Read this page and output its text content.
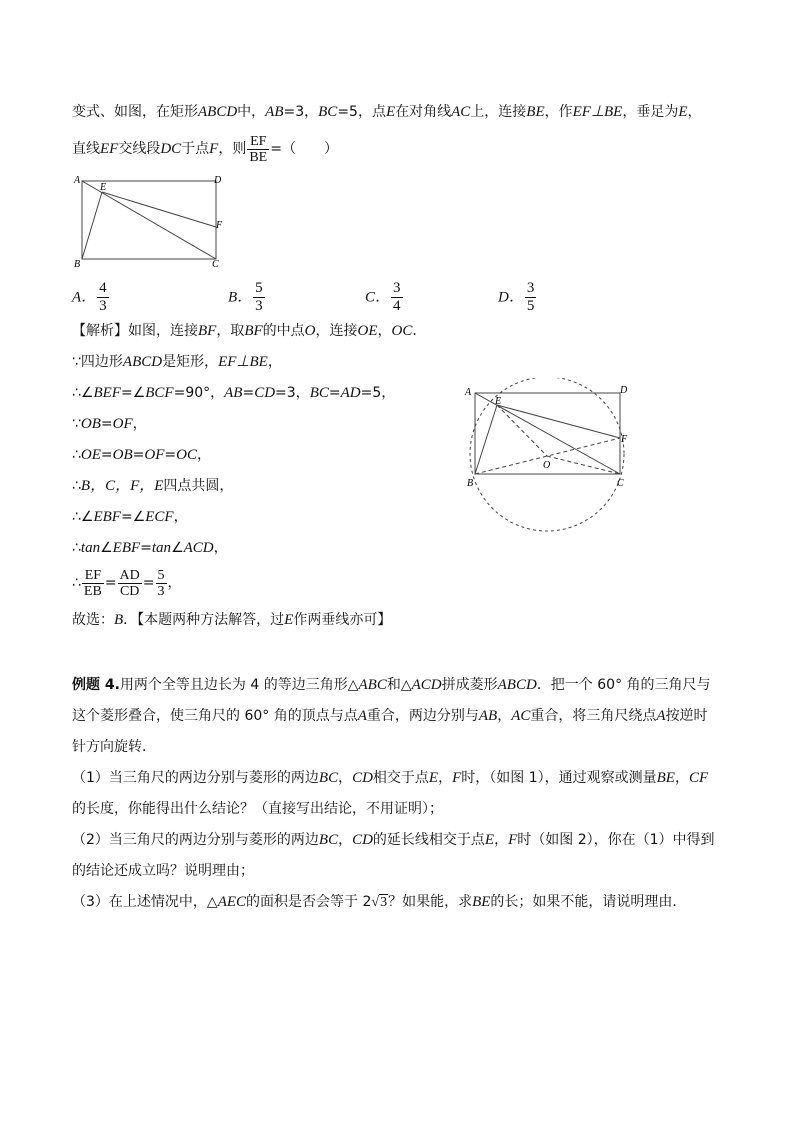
变式、如图，在矩形ABCD中，AB=3，BC=5，点E在对角线AC上，连接BE，作EF⊥BE，垂足为E，
直线EF交线段DC于点F，则 $\frac{EF}{BE}$ =（　　）
A
E
D
F
B	C
A． $\frac{4}{3}$	B． $\frac{5}{3}$	C． $\frac{3}{4}$	D． $\frac{3}{5}$
【解析】如图，连接BF，取BF的中点O，连接OE，OC．
∵四边形ABCD是矩形，EF⊥BE，
∴∠BEF=∠BCF=90°，AB=CD=3，BC=AD=5，
∵OB=OF，
∴OE=OB=OF=OC，
∴B，C，F，E四点共圆，
∴∠EBF=∠ECF，
∴tan∠EBF=tan∠ACD，
∴ $\frac{EF}{EB} = \frac{AD}{CD} = \frac{5}{3}$ ，
故选：B．【本题两种方法解答，过E作两垂线亦可】
A
E
D
F
O
B	C
例题 4.用两个全等且边长为 4 的等边三角形△ABC和△ACD拼成菱形ABCD．把一个 60° 角的三角尺与
这个菱形叠合，使三角尺的 60° 角的顶点与点A重合，两边分别与AB，AC重合，将三角尺绕点A按逆时
针方向旋转．
（1）当三角尺的两边分别与菱形的两边BC，CD相交于点E，F时，（如图 1），通过观察或测量BE，CF
的长度，你能得出什么结论？（直接写出结论，不用证明）；
（2）当三角尺的两边分别与菱形的两边BC，CD的延长线相交于点E，F时（如图 2），你在（1）中得到
的结论还成立吗？说明理由；
（3）在上述情况中，△AEC的面积是否会等于 2√3？如果能，求BE的长；如果不能，请说明理由．
